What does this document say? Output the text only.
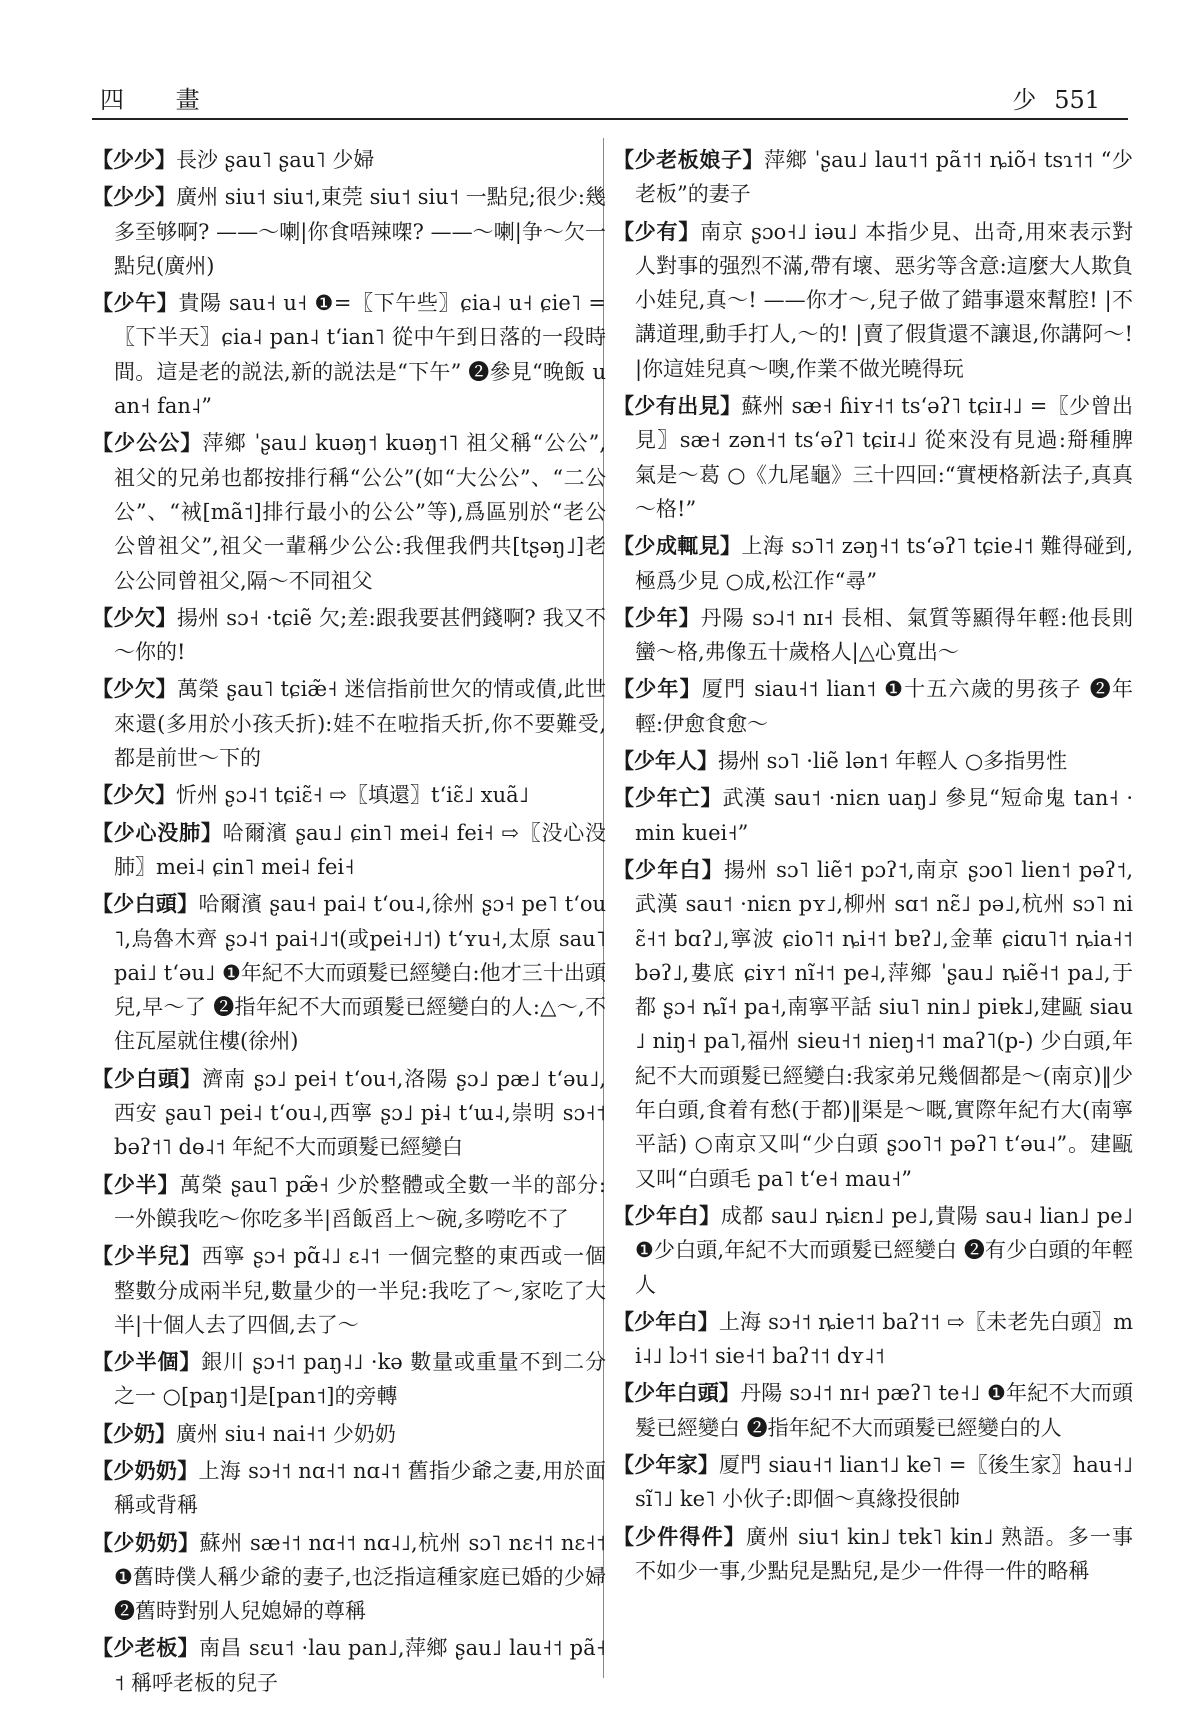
四 畫	少 551

【少少】長沙 ʂau˥ ʂau˥ 少婦

【少少】廣州 siu˦ siu˦,東莞 siu˦ siu˦ 一點兒;很少:幾多至够啊? ——～喇|你食唔辣㗎? ——～喇|争～欠一點兒(廣州)

【少午】貴陽 sau˧ u˧ ❶=〖下午些〗ɕia˨ u˧ ɕie˥ =〖下半天〗ɕia˨ pan˨ tʻian˥ 從中午到日落的一段時間。這是老的説法,新的説法是“下午” ❷參見“晚飯 uan˧ fan˨”

【少公公】萍鄉 ˈʂau˩ kuəŋ˦ kuəŋ˦˥ 祖父稱“公公”,祖父的兄弟也都按排行稱“公公”(如“大公公”、“二公公”、“䘬[mã˦]排行最小的公公”等),爲區别於“老公公曾祖父”,祖父一輩稱少公公:我俚我們共[tʂəŋ˩]老公公同曾祖父,隔～不同祖父

【少欠】揚州 sɔ˧ ·tɕiẽ 欠;差:跟我要甚們錢啊? 我又不～你的!

【少欠】萬榮 ʂau˥ tɕiæ̃˧ 迷信指前世欠的情或債,此世來還(多用於小孩夭折):娃不在啦指夭折,你不要難受,都是前世～下的

【少欠】忻州 ʂɔ˨˦ tɕiɛ̃˧ ⇨〖填還〗tʻiɛ̃˩ xuã˩

【少心没肺】哈爾濱 ʂau˩ ɕin˥ mei˨ fei˧ ⇨〖没心没肺〗mei˨ ɕin˥ mei˨ fei˧

【少白頭】哈爾濱 ʂau˧ pai˨ tʻou˨,徐州 ʂɔ˧ pe˥ tʻou˥,烏魯木齊 ʂɔ˨˦ pai˧˩˦(或pei˧˩˦) tʻʏu˧,太原 sau˥ pai˩ tʻəu˩ ❶年紀不大而頭髮已經變白:他才三十出頭兒,早～了 ❷指年紀不大而頭髮已經變白的人:△～,不住瓦屋就住樓(徐州)

【少白頭】濟南 ʂɔ˩ pei˧ tʻou˧,洛陽 ʂɔ˩ pæ˩ tʻəu˩,西安 ʂau˥ pei˨ tʻou˨,西寧 ʂɔ˩ pɨ˨ tʻɯ˨,崇明 sɔ˧˦ bəʔ˦˥ dɵ˨˦ 年紀不大而頭髮已經變白

【少半】萬榮 ʂau˥ pæ̃˧ 少於整體或全數一半的部分:一外饃我吃～你吃多半|舀飯舀上～碗,多嘮吃不了

【少半兒】西寧 ʂɔ˧ pɑ̃˨˩ ɛ˨˦ 一個完整的東西或一個整數分成兩半兒,數量少的一半兒:我吃了～,家吃了大半|十個人去了四個,去了～

【少半個】銀川 ʂɔ˧˦ paŋ˨˩ ·kə 數量或重量不到二分之一 ○[paŋ˦]是[pan˦]的旁轉

【少奶】廣州 siu˧ nai˧˦ 少奶奶

【少奶奶】上海 sɔ˧˦ nɑ˧˦ nɑ˨˦ 舊指少爺之妻,用於面稱或背稱

【少奶奶】蘇州 sæ˧˦ nɑ˧˦ nɑ˨˩,杭州 sɔ˥ nɛ˧˦ nɛ˧˦ ❶舊時僕人稱少爺的妻子,也泛指這種家庭已婚的少婦 ❷舊時對别人兒媳婦的尊稱

【少老板】南昌 sɛu˦ ·lau pan˩,萍鄉 ʂau˩ lau˧˦ pã˧˦ 稱呼老板的兒子

【少老板娘子】萍鄉 ˈʂau˩ lau˦˦ pã˦˦ ȵiõ˧ tsɿ˦˦ “少老板”的妻子

【少有】南京 ʂɔo˧˩ iəu˩ 本指少見、出奇,用來表示對人對事的强烈不滿,帶有壞、惡劣等含意:這麼大人欺負小娃兒,真～! ——你才～,兒子做了錯事還來幫腔! |不講道理,動手打人,～的! |賣了假貨還不讓退,你講阿～! |你這娃兒真～噢,作業不做光曉得玩

【少有出見】蘇州 sæ˧ ɦiʏ˧˦ tsʻəʔ˥ tɕiɪ˨˩ =〖少曾出見〗sæ˧ zən˧˦ tsʻəʔ˥ tɕiɪ˨˩ 從來没有見過:搿種脾氣是～葛 ○《九尾龜》三十四回:“實梗格新法子,真真～格!”

【少成輒見】上海 sɔ˥˦ zəŋ˧˦ tsʻəʔ˥ tɕie˨˦ 難得碰到,極爲少見 ○成,松江作“尋”

【少年】丹陽 sɔ˨˦ nɪ˧ 長相、氣質等顯得年輕:他長則蠻～格,弗像五十歲格人|△心寬出～

【少年】厦門 siau˧˦ lian˦ ❶十五六歲的男孩子 ❷年輕:伊愈食愈～

【少年人】揚州 sɔ˥ ·liẽ lən˦ 年輕人 ○多指男性

【少年亡】武漢 sau˦ ·niɛn uaŋ˩ 參見“短命鬼 tan˧ ·min kuei˧”

【少年白】揚州 sɔ˥ liẽ˦ pɔʔ˦,南京 ʂɔo˥ lien˦ pəʔ˦,武漢 sau˦ ·niɛn pʏ˩,柳州 sɑ˦ nɛ̃˩ pə˩,杭州 sɔ˥ niɛ̃˧˦ bɑʔ˩,寧波 ɕio˥˦ ȵi˧˦ bɐʔ˩,金華 ɕiɑu˥˦ ȵia˧˦ bəʔ˩,婁底 ɕiʏ˦ nĩ˧˦ pe˨,萍鄉 ˈʂau˩ ȵiẽ˧˦ pa˩,于都 ʂɔ˧ ȵĩ˧ pa˧,南寧平話 siu˥ nin˩ piɐk˩,建甌 siau˩ niŋ˧ pa˥,福州 sieu˧˦ nieŋ˧˦ maʔ˥(p-) 少白頭,年紀不大而頭髮已經變白:我家弟兄幾個都是～(南京)‖少年白頭,食着有愁(于都)‖渠是～嘅,實際年紀冇大(南寧平話) ○南京又叫“少白頭 ʂɔo˥˦ pəʔ˥ tʻəu˨”。建甌又叫“白頭毛 pa˥ tʻe˧ mau˧”

【少年白】成都 sau˩ ȵiɛn˩ pe˩,貴陽 sau˨ lian˩ pe˩ ❶少白頭,年紀不大而頭髮已經變白 ❷有少白頭的年輕人

【少年白】上海 sɔ˧˦ ȵie˦˦ baʔ˦˦ ⇨〖未老先白頭〗mi˨˩ lɔ˧˦ sie˧˦ baʔ˦˦ dʏ˨˦

【少年白頭】丹陽 sɔ˨˦ nɪ˧ pæʔ˥ te˧˩ ❶年紀不大而頭髮已經變白 ❷指年紀不大而頭髮已經變白的人

【少年家】厦門 siau˧˦ lian˦˩ ke˥ =〖後生家〗hau˧˩ sĩ˥˩ ke˥ 小伙子:即個～真緣投很帥

【少件得件】廣州 siu˦ kin˩ tɐk˥ kin˩ 熟語。多一事不如少一事,少點兒是點兒,是少一件得一件的略稱
